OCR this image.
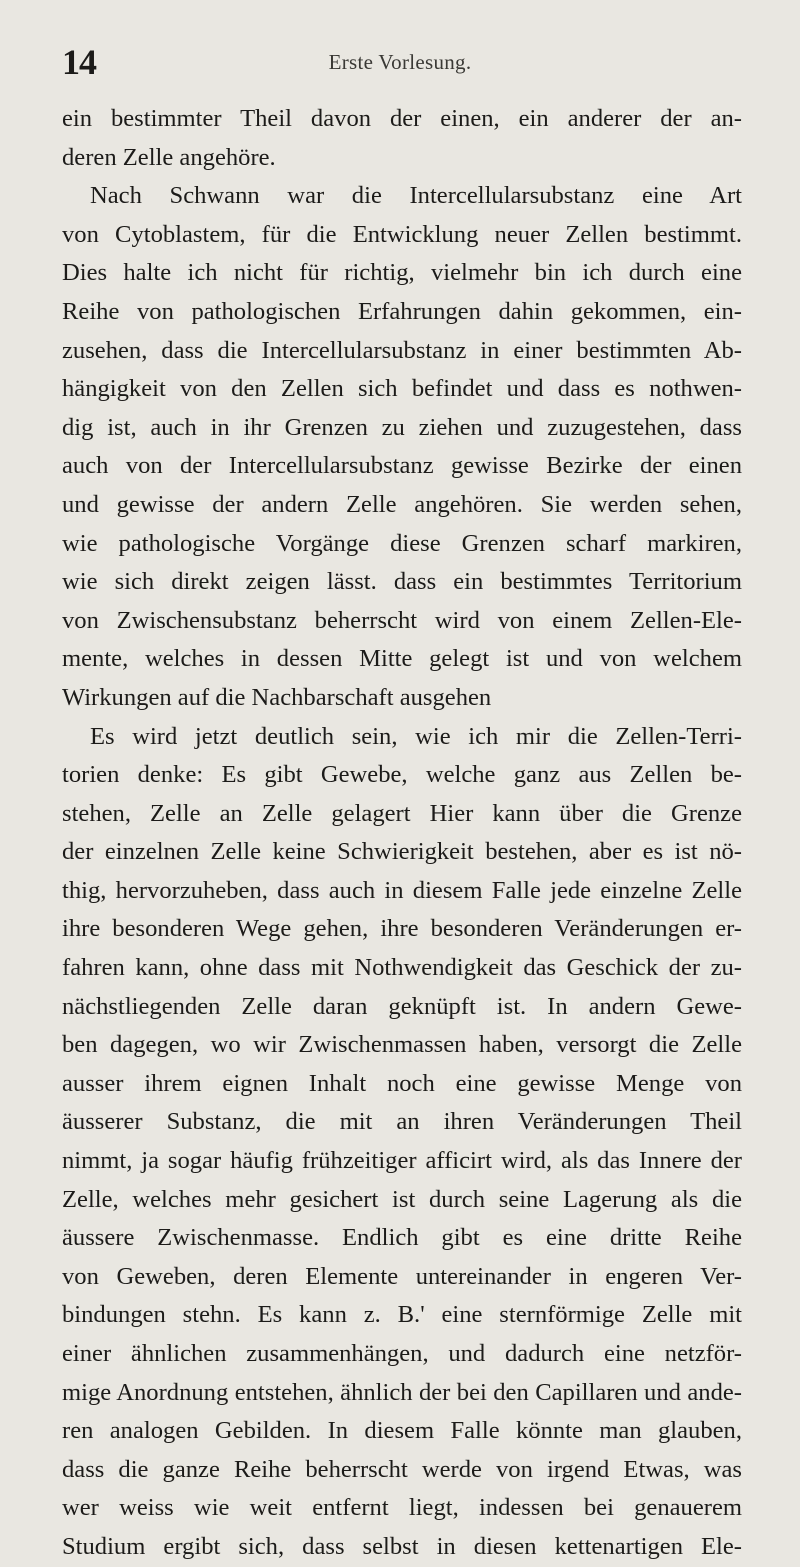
14	Erste Vorlesung.
ein bestimmter Theil davon der einen, ein anderer der an-
deren Zelle angehöre.
Nach Schwann war die Intercellularsubstanz eine Art
von Cytoblastem, für die Entwicklung neuer Zellen bestimmt.
Dies halte ich nicht für richtig, vielmehr bin ich durch eine
Reihe von pathologischen Erfahrungen dahin gekommen, ein-
zusehen, dass die Intercellularsubstanz in einer bestimmten Ab-
hängigkeit von den Zellen sich befindet und dass es nothwen-
dig ist, auch in ihr Grenzen zu ziehen und zuzugestehen, dass
auch von der Intercellularsubstanz gewisse Bezirke der einen
und gewisse der andern Zelle angehören. Sie werden sehen,
wie pathologische Vorgänge diese Grenzen scharf markiren,
wie sich direkt zeigen lässt. dass ein bestimmtes Territorium
von Zwischensubstanz beherrscht wird von einem Zellen-Ele-
mente, welches in dessen Mitte gelegt ist und von welchem
Wirkungen auf die Nachbarschaft ausgehen
Es wird jetzt deutlich sein, wie ich mir die Zellen-Terri-
torien denke: Es gibt Gewebe, welche ganz aus Zellen be-
stehen, Zelle an Zelle gelagert Hier kann über die Grenze
der einzelnen Zelle keine Schwierigkeit bestehen, aber es ist nö-
thig, hervorzuheben, dass auch in diesem Falle jede einzelne Zelle
ihre besonderen Wege gehen, ihre besonderen Veränderungen er-
fahren kann, ohne dass mit Nothwendigkeit das Geschick der zu-
nächstliegenden Zelle daran geknüpft ist. In andern Gewe-
ben dagegen, wo wir Zwischenmassen haben, versorgt die Zelle
ausser ihrem eignen Inhalt noch eine gewisse Menge von
äusserer Substanz, die mit an ihren Veränderungen Theil
nimmt, ja sogar häufig frühzeitiger afficirt wird, als das Innere der
Zelle, welches mehr gesichert ist durch seine Lagerung als die
äussere Zwischenmasse. Endlich gibt es eine dritte Reihe
von Geweben, deren Elemente untereinander in engeren Ver-
bindungen stehn. Es kann z. B.' eine sternförmige Zelle mit
einer ähnlichen zusammenhängen, und dadurch eine netzför-
mige Anordnung entstehen, ähnlich der bei den Capillaren und ande-
ren analogen Gebilden. In diesem Falle könnte man glauben,
dass die ganze Reihe beherrscht werde von irgend Etwas, was
wer weiss wie weit entfernt liegt, indessen bei genauerem
Studium ergibt sich, dass selbst in diesen kettenartigen Ele-
